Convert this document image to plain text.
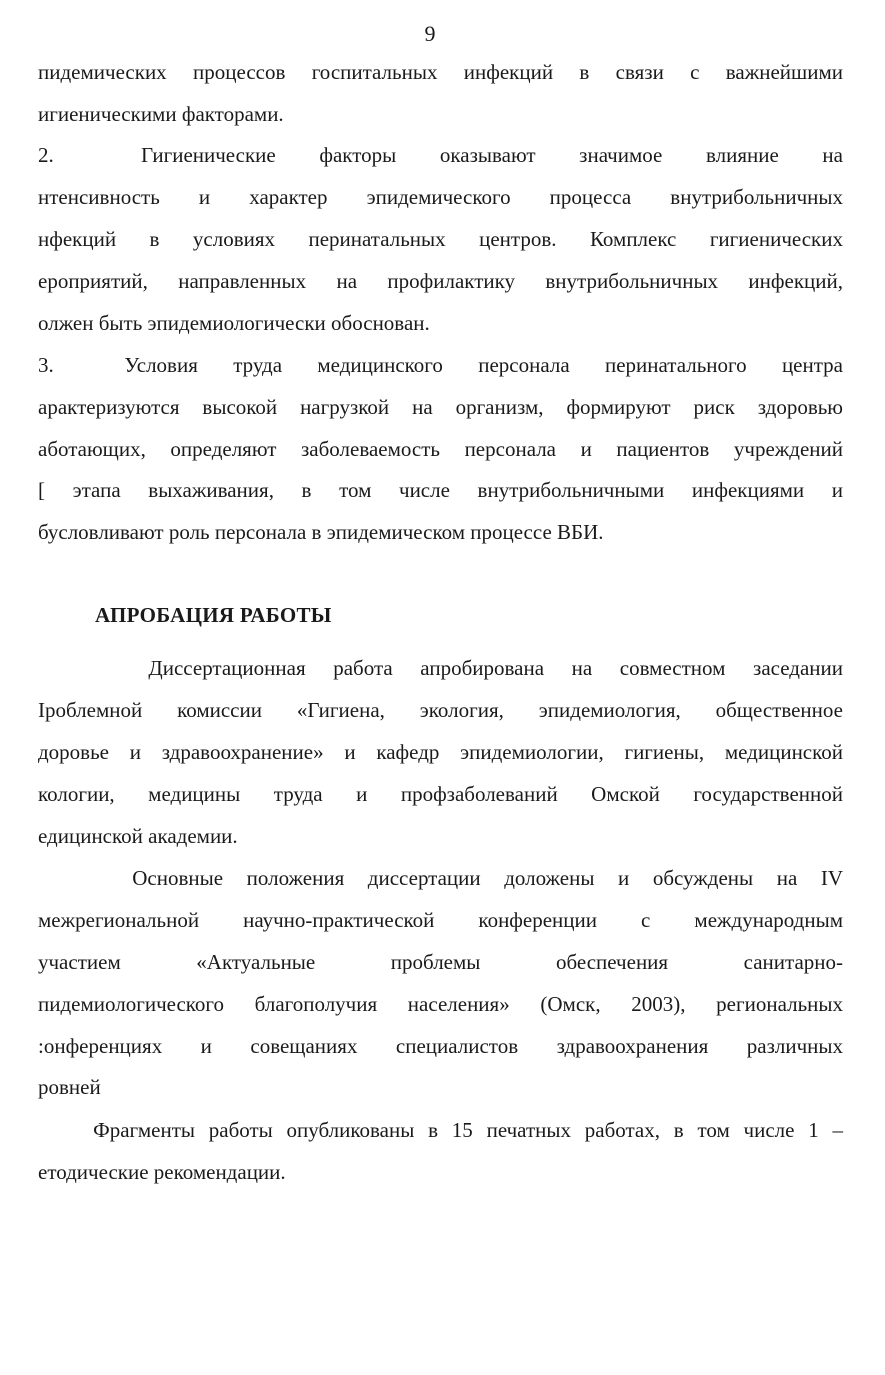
9
пидемических процессов госпитальных инфекций в связи с важнейшими
игиеническими факторами.
2.  Гигиенические факторы оказывают значимое влияние на
нтенсивность и характер эпидемического процесса внутрибольничных
нфекций в условиях перинатальных центров. Комплекс гигиенических
ероприятий, направленных на профилактику внутрибольничных инфекций,
олжен быть эпидемиологически обоснован.
3.  Условия труда медицинского персонала перинатального центра
арактеризуются высокой нагрузкой на организм, формируют риск здоровью
аботающих, определяют заболеваемость персонала и пациентов учреждений
[ этапа выхаживания, в том числе внутрибольничными инфекциями и
бусловливают роль персонала в эпидемическом процессе ВБИ.
АПРОБАЦИЯ РАБОТЫ
Диссертационная работа апробирована на совместном заседании
Iроблемной комиссии «Гигиена, экология, эпидемиология, общественное
доровье и здравоохранение» и кафедр эпидемиологии, гигиены, медицинской
кологии, медицины труда и профзаболеваний Омской государственной
едицинской академии.
Основные положения диссертации доложены и обсуждены на IV
межрегиональной научно-практической конференции с международным
участием «Актуальные проблемы обеспечения санитарно-
пидемиологического благополучия населения» (Омск, 2003), региональных
:онференциях и совещаниях специалистов здравоохранения различных
ровней
Фрагменты работы опубликованы в 15 печатных работах, в том числе 1 –
етодические рекомендации.
